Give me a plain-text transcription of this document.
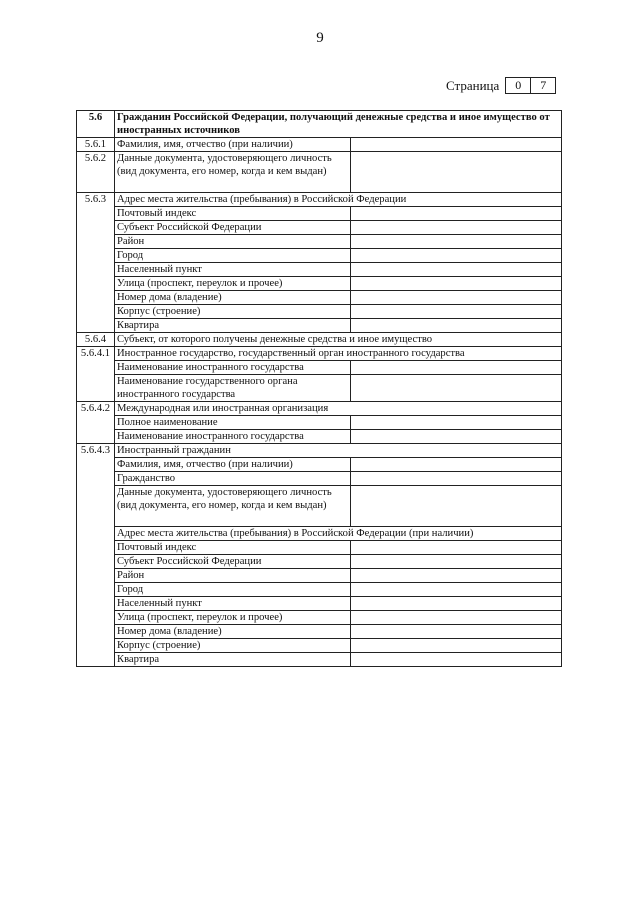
9
Страница	0	7
5.6	Гражданин Российской Федерации, получающий денежные средства и иное имущество от иностранных источников	
5.6.1	Фамилия, имя, отчество (при наличии)	
5.6.2	Данные документа, удостоверяющего личность (вид документа, его номер, когда и кем выдан)	
5.6.3	Адрес места жительства (пребывания) в Российской Федерации	
	Почтовый индекс	
	Субъект Российской Федерации	
	Район	
	Город	
	Населенный пункт	
	Улица (проспект, переулок и прочее)	
	Номер дома (владение)	
	Корпус (строение)	
	Квартира	
5.6.4	Субъект, от которого получены денежные средства и иное имущество	
5.6.4.1	Иностранное государство, государственный орган иностранного государства	
	Наименование иностранного государства	
	Наименование государственного органа иностранного государства	
5.6.4.2	Международная или иностранная организация	
	Полное наименование	
	Наименование иностранного государства	
5.6.4.3	Иностранный гражданин	
	Фамилия, имя, отчество (при наличии)	
	Гражданство	
	Данные документа, удостоверяющего личность (вид документа, его номер, когда и кем выдан)	
	Адрес места жительства (пребывания) в Российской Федерации (при наличии)	
	Почтовый индекс	
	Субъект Российской Федерации	
	Район	
	Город	
	Населенный пункт	
	Улица (проспект, переулок и прочее)	
	Номер дома (владение)	
	Корпус (строение)	
	Квартира	
